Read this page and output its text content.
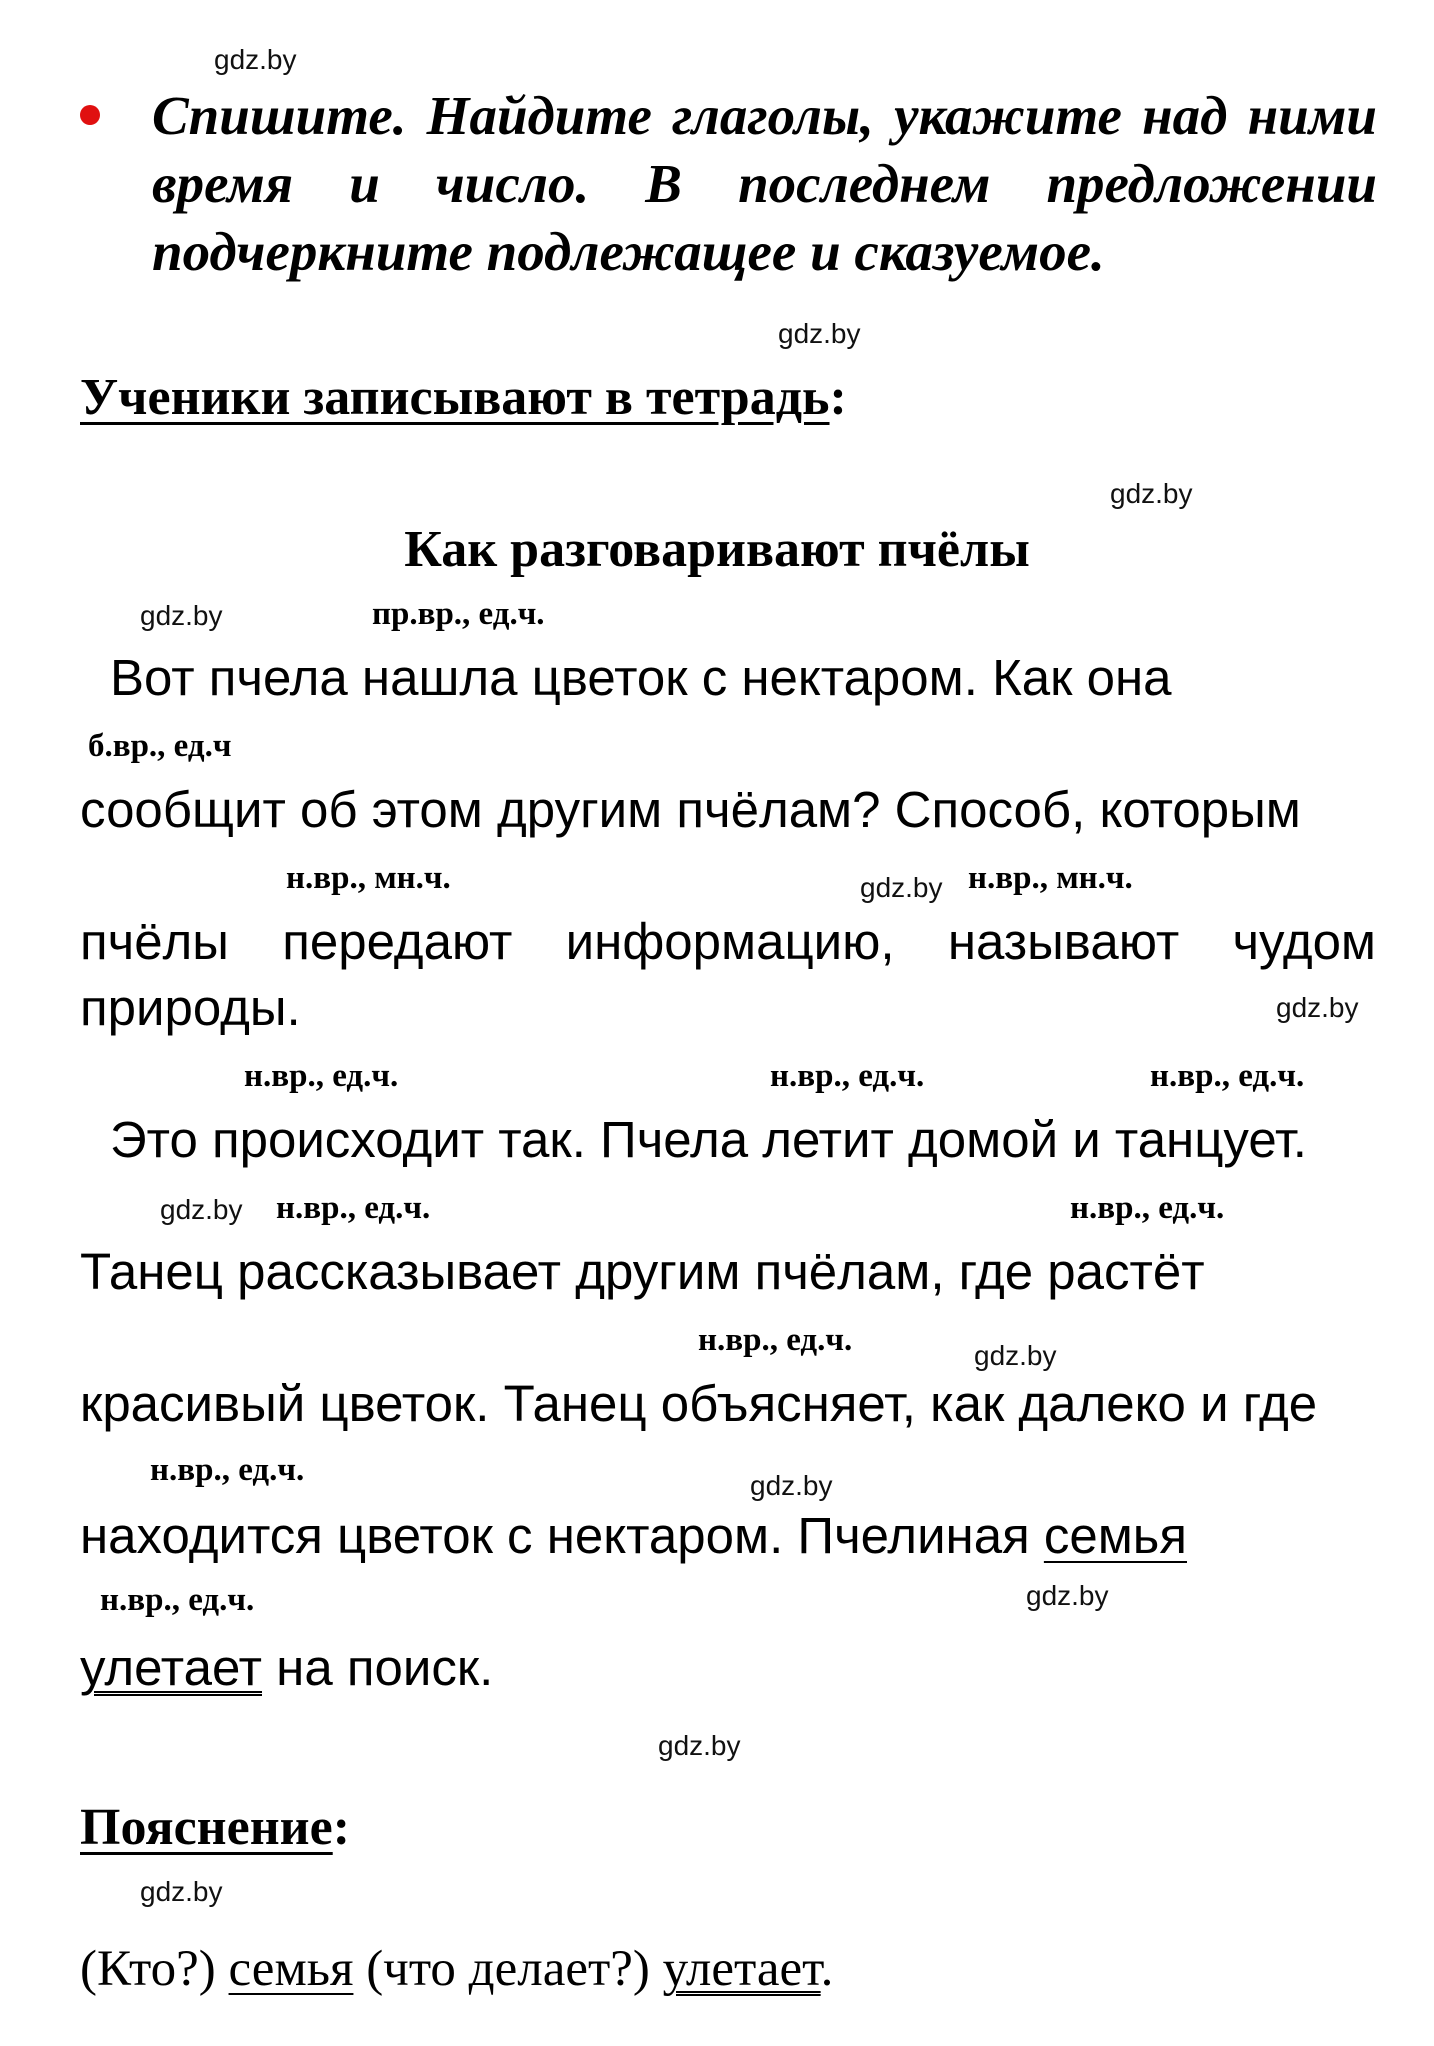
gdz.by
gdz.by
gdz.by
gdz.by
gdz.by
gdz.by
gdz.by
gdz.by
gdz.by
gdz.by
gdz.by
gdz.by
Спишите. Найдите глаголы, укажите над ними время и число. В последнем предложении подчеркните подлежащее и сказуемое.
Ученики записывают в тетрадь:
Как разговаривают пчёлы
пр.вр., ед.ч.
б.вр., ед.ч
н.вр., мн.ч.	н.вр., мн.ч.
н.вр., ед.ч.	н.вр., ед.ч.	н.вр., ед.ч.
н.вр., ед.ч.	н.вр., ед.ч.
н.вр., ед.ч.
н.вр., ед.ч.
н.вр., ед.ч.
Вот пчела нашла цветок с нектаром. Как она
сообщит об этом другим пчёлам? Способ, которым
пчёлы передают информацию, называют чудом
природы.
Это происходит так. Пчела летит домой и танцует.
Танец рассказывает другим пчёлам, где растёт
красивый цветок. Танец объясняет, как далеко и где
находится цветок с нектаром. Пчелиная семья
улетает на поиск.
Пояснение:
(Кто?) семья (что делает?) улетает.
